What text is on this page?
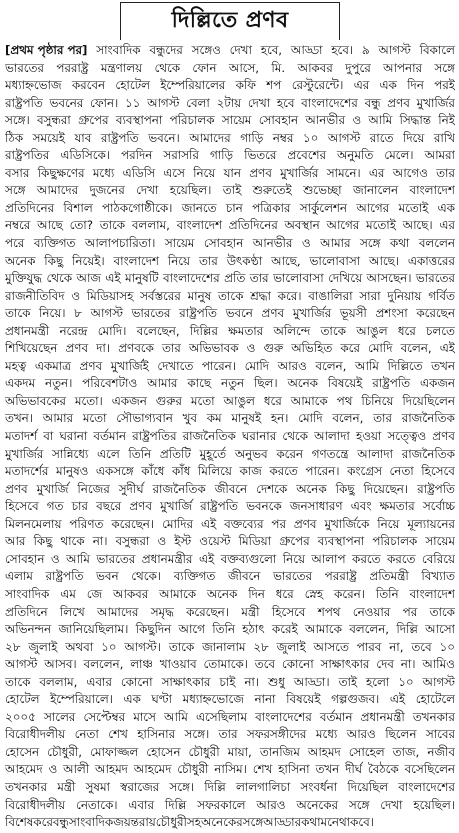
দিল্লিতে প্রণব
[প্রথম পৃষ্ঠার পর] সাংবাদিক বন্ধুদের সঙ্গেও দেখা হবে, আড্ডা হবে। ৯ আগস্ট বিকালে
ভারতের পররাষ্ট্র মন্ত্রণালয় থেকে ফোন আসে, মি. আকবর দুপুরে আপনার সঙ্গে
মধ্যাহ্নভোজ করবেন হোটেল ইম্পেরিয়ালের কফি শপ রেস্টুরেন্টে। এর এক দিন পরই
রাষ্ট্রপতি ভবনের ফোন। ১১ আগস্ট বেলা ২টায় দেখা হবে বাংলাদেশের বন্ধু প্রণব মুখার্জির
সঙ্গে। বসুন্ধরা গ্রুপের ব্যবস্থাপনা পরিচালক সায়েম সোবহান আনভীর ও আমি সিদ্ধান্ত নিই
ঠিক সময়েই যাব রাষ্ট্রপতি ভবনে। আমাদের গাড়ি নম্বর ১০ আগস্ট রাতে দিয়ে রাখি
রাষ্ট্রপতির এডিসিকে। পরদিন সরাসরি গাড়ি ভিতরে প্রবেশের অনুমতি মেলে। আমরা
বসার কিছুক্ষণের মধ্যে এডিসি এসে নিয়ে যান প্রণব মুখার্জির সামনে। এর আগেও তার
সঙ্গে আমাদের দুজনের দেখা হয়েছিল। তাই শুরুতেই শুভেচ্ছা জানালেন বাংলাদেশ
প্রতিদিনের বিশাল পাঠকগোষ্ঠীকে। জানতে চান পত্রিকার সার্কুলেশন আগের মতোই এক
নম্বরে আছে তো? তাকে বললাম, বাংলাদেশ প্রতিদিনের অবস্থান আগের মতোই আছে। এর
পরে ব্যক্তিগত আলাপচারিতা। সায়েম সোবহান আনভীর ও আমার সঙ্গে কথা বললেন
অনেক কিছু নিয়েই। বাংলাদেশ নিয়ে তার উৎকণ্ঠা আছে, ভালোবাসা আছে। একাত্তরের
মুক্তিযুদ্ধ থেকে আজ এই মানুষটি বাংলাদেশের প্রতি তার ভালোবাসা দেখিয়ে আসছেন। ভারতের
রাজনীতিবিদ ও মিডিয়াসহ সর্বস্তরের মানুষ তাকে শ্রদ্ধা করে। বাঙালিরা সারা দুনিয়ায় গর্বিত
তাকে নিয়ে। ৮ আগস্ট ভারতের রাষ্ট্রপতি ভবনে প্রণব মুখার্জির ভূয়সী প্রশংসা করেছেন
প্রধানমন্ত্রী নরেন্দ্র মোদি। বলেছেন, দিল্লির ক্ষমতার অলিন্দে তাকে আঙুল ধরে চলতে
শিখিয়েছেন প্রণব দা। প্রণবকে তার অভিভাবক ও গুরু অভিহিত করে মোদি বলেন, এই
মহত্ব একমাত্র প্রণব মুখার্জিই দেখাতে পারেন। মোদি আরও বলেন, আমি দিল্লিতে তখন
একদম নতুন। পরিবেশটাও আমার কাছে নতুন ছিল। অনেক বিষয়েই রাষ্ট্রপতি একজন
অভিভাবকের মতো। একজন গুরুর মতো আঙুল ধরে আমাকে পথ চিনিয়ে দিয়েছিলেন
তখন। আমার মতো সৌভাগ্যবান খুব কম মানুষই হন। মোদি বলেন, তার রাজনৈতিক
মতাদর্শ বা ঘরানা বর্তমান রাষ্ট্রপতির রাজনৈতিক ঘরানার থেকে আলাদা হওয়া সত্ত্বেও প্রণব
মুখার্জির সান্নিধ্যে এলে তিনি প্রতিটি মুহূর্তে অনুভব করেন গণতন্ত্রে আলাদা রাজনৈতিক
মতাদর্শের মানুষও একসঙ্গে কাঁধে কাঁধ মিলিয়ে কাজ করতে পারেন। কংগ্রেস নেতা হিসেবে
প্রণব মুখার্জি নিজের সুদীর্ঘ রাজনৈতিক জীবনে দেশকে অনেক কিছু দিয়েছেন। রাষ্ট্রপতি
হিসেবে গত চার বছরে প্রণব মুখার্জি রাষ্ট্রপতি ভবনকে জনসাধারণ এবং ক্ষমতার সর্বোচ্চ
মিলনমেলায় পরিণত করেছেন। মোদির এই বক্তব্যের পর প্রণব মুখার্জিকে নিয়ে মূল্যায়নের
আর কিছু থাকে না। বসুন্ধরা ও ইস্ট ওয়েস্ট মিডিয়া গ্রুপের ব্যবস্থাপনা পরিচালক সায়েম
সোবহান ও আমি ভারতের প্রধানমন্ত্রীর এই বক্তব্যগুলো নিয়ে আলাপ করতে করতে বেরিয়ে
এলাম রাষ্ট্রপতি ভবন থেকে। ব্যক্তিগত জীবনে ভারতের পররাষ্ট্র প্রতিমন্ত্রী বিখ্যাত
সাংবাদিক এম জে আকবর আমাকে অনেক দিন ধরে স্নেহ করেন। তিনি বাংলাদেশ
প্রতিদিনে লিখে আমাদের সমৃদ্ধ করেছেন। মন্ত্রী হিসেবে শপথ নেওয়ার পর তাকে
অভিনন্দন জানিয়েছিলাম। কিছুদিন আগে তিনি হঠাৎ করেই আমাকে বললেন, দিল্লি আসো
২৮ জুলাই অথবা ১০ আগস্ট। তাকে জানালাম ২৮ জুলাই আসতে পারব না, তবে ১০
আগস্ট আসব। বললেন, লাঞ্চ খাওয়াব তোমাকে। তবে কোনো সাক্ষাৎকার দেব না। আমিও
তাকে বললাম, এবার কোনো সাক্ষাৎকার চাই না। শুধু আড্ডা। তাই হলো ১০ আগস্ট
হোটেল ইম্পেরিয়ালে। এক ঘণ্টা মধ্যাহ্নভোজে নানা বিষয়েই গল্পগুজব। এই হোটেলে
২০০৫ সালের সেপ্টেম্বর মাসে আমি এসেছিলাম বাংলাদেশের বর্তমান প্রধানমন্ত্রী তখনকার
বিরোধীদলীয় নেতা শেখ হাসিনার সঙ্গে। তার সফরসঙ্গীদের মধ্যে আরও ছিলেন সাবের
হোসেন চৌধুরী, মোফাজ্জল হোসেন চৌধুরী মায়া, তানজিম আহমদ সোহেল তাজ, নজীব
আহমেদ ও আলী আহমদ আহমেদ চৌধুরী নাসিম। শেখ হাসিনা তখন দীর্ঘ বৈঠকে বসেছিলেন
তখনকার মন্ত্রী সুষমা স্বরাজের সঙ্গে। দিল্লি লালগালিচা সংবর্ধনা দিয়েছিল বাংলাদেশের
বিরোধীদলীয় নেতাকে। এবার দিল্লি সফরকালে আরও অনেকের সঙ্গে দেখা হয়েছিল।
বিশেষ করে বন্ধু সাংবাদিক জয়ন্ত রায় চৌধুরীসহ অনেকের সঙ্গে আড্ডার কথা মনে থাকবে।
